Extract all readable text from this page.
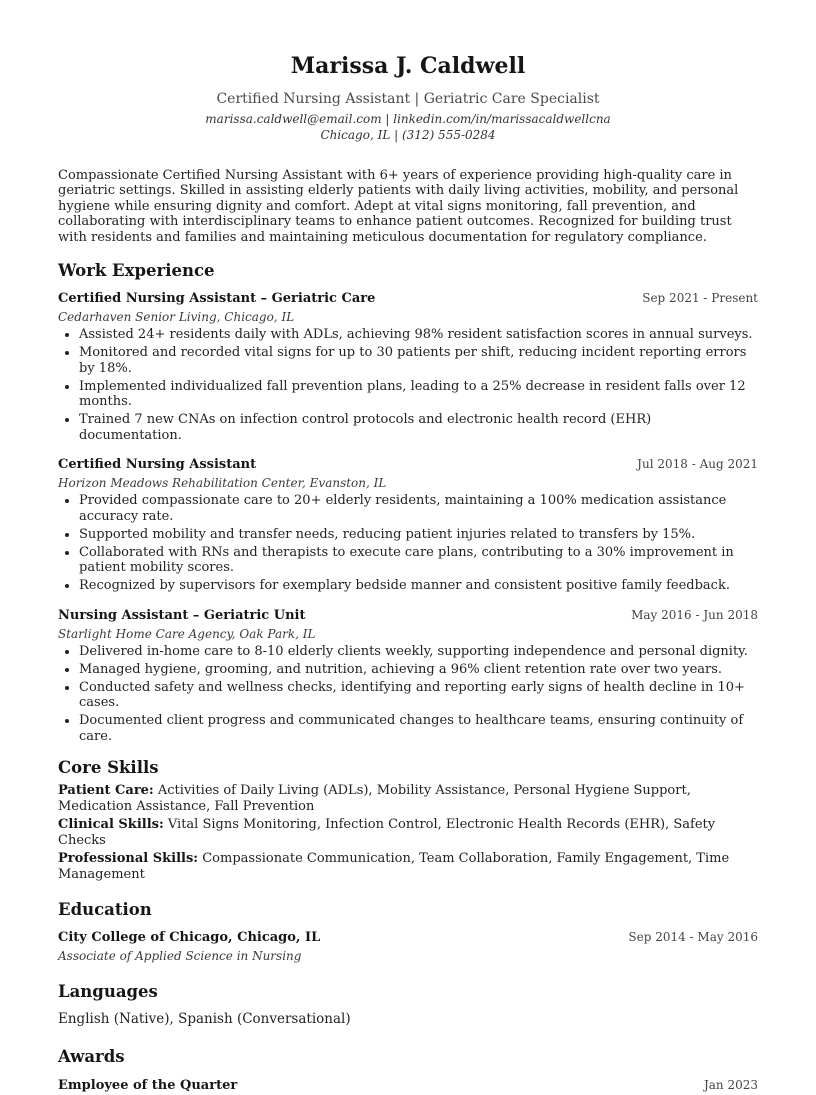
Marissa J. Caldwell
Certified Nursing Assistant | Geriatric Care Specialist
marissa.caldwell@email.com | linkedin.com/in/marissacaldwellcna
Chicago, IL | (312) 555-0284
Compassionate Certified Nursing Assistant with 6+ years of experience providing high-quality care in geriatric settings. Skilled in assisting elderly patients with daily living activities, mobility, and personal hygiene while ensuring dignity and comfort. Adept at vital signs monitoring, fall prevention, and collaborating with interdisciplinary teams to enhance patient outcomes. Recognized for building trust with residents and families and maintaining meticulous documentation for regulatory compliance.
Work Experience
Certified Nursing Assistant – Geriatric Care	Sep 2021 - Present
Cedarhaven Senior Living, Chicago, IL
• Assisted 24+ residents daily with ADLs, achieving 98% resident satisfaction scores in annual surveys.
• Monitored and recorded vital signs for up to 30 patients per shift, reducing incident reporting errors by 18%.
• Implemented individualized fall prevention plans, leading to a 25% decrease in resident falls over 12 months.
• Trained 7 new CNAs on infection control protocols and electronic health record (EHR) documentation.
Certified Nursing Assistant	Jul 2018 - Aug 2021
Horizon Meadows Rehabilitation Center, Evanston, IL
• Provided compassionate care to 20+ elderly residents, maintaining a 100% medication assistance accuracy rate.
• Supported mobility and transfer needs, reducing patient injuries related to transfers by 15%.
• Collaborated with RNs and therapists to execute care plans, contributing to a 30% improvement in patient mobility scores.
• Recognized by supervisors for exemplary bedside manner and consistent positive family feedback.
Nursing Assistant – Geriatric Unit	May 2016 - Jun 2018
Starlight Home Care Agency, Oak Park, IL
• Delivered in-home care to 8-10 elderly clients weekly, supporting independence and personal dignity.
• Managed hygiene, grooming, and nutrition, achieving a 96% client retention rate over two years.
• Conducted safety and wellness checks, identifying and reporting early signs of health decline in 10+ cases.
• Documented client progress and communicated changes to healthcare teams, ensuring continuity of care.
Core Skills
Patient Care: Activities of Daily Living (ADLs), Mobility Assistance, Personal Hygiene Support, Medication Assistance, Fall Prevention
Clinical Skills: Vital Signs Monitoring, Infection Control, Electronic Health Records (EHR), Safety Checks
Professional Skills: Compassionate Communication, Team Collaboration, Family Engagement, Time Management
Education
City College of Chicago, Chicago, IL	Sep 2014 - May 2016
Associate of Applied Science in Nursing
Languages
English (Native), Spanish (Conversational)
Awards
Employee of the Quarter	Jan 2023
